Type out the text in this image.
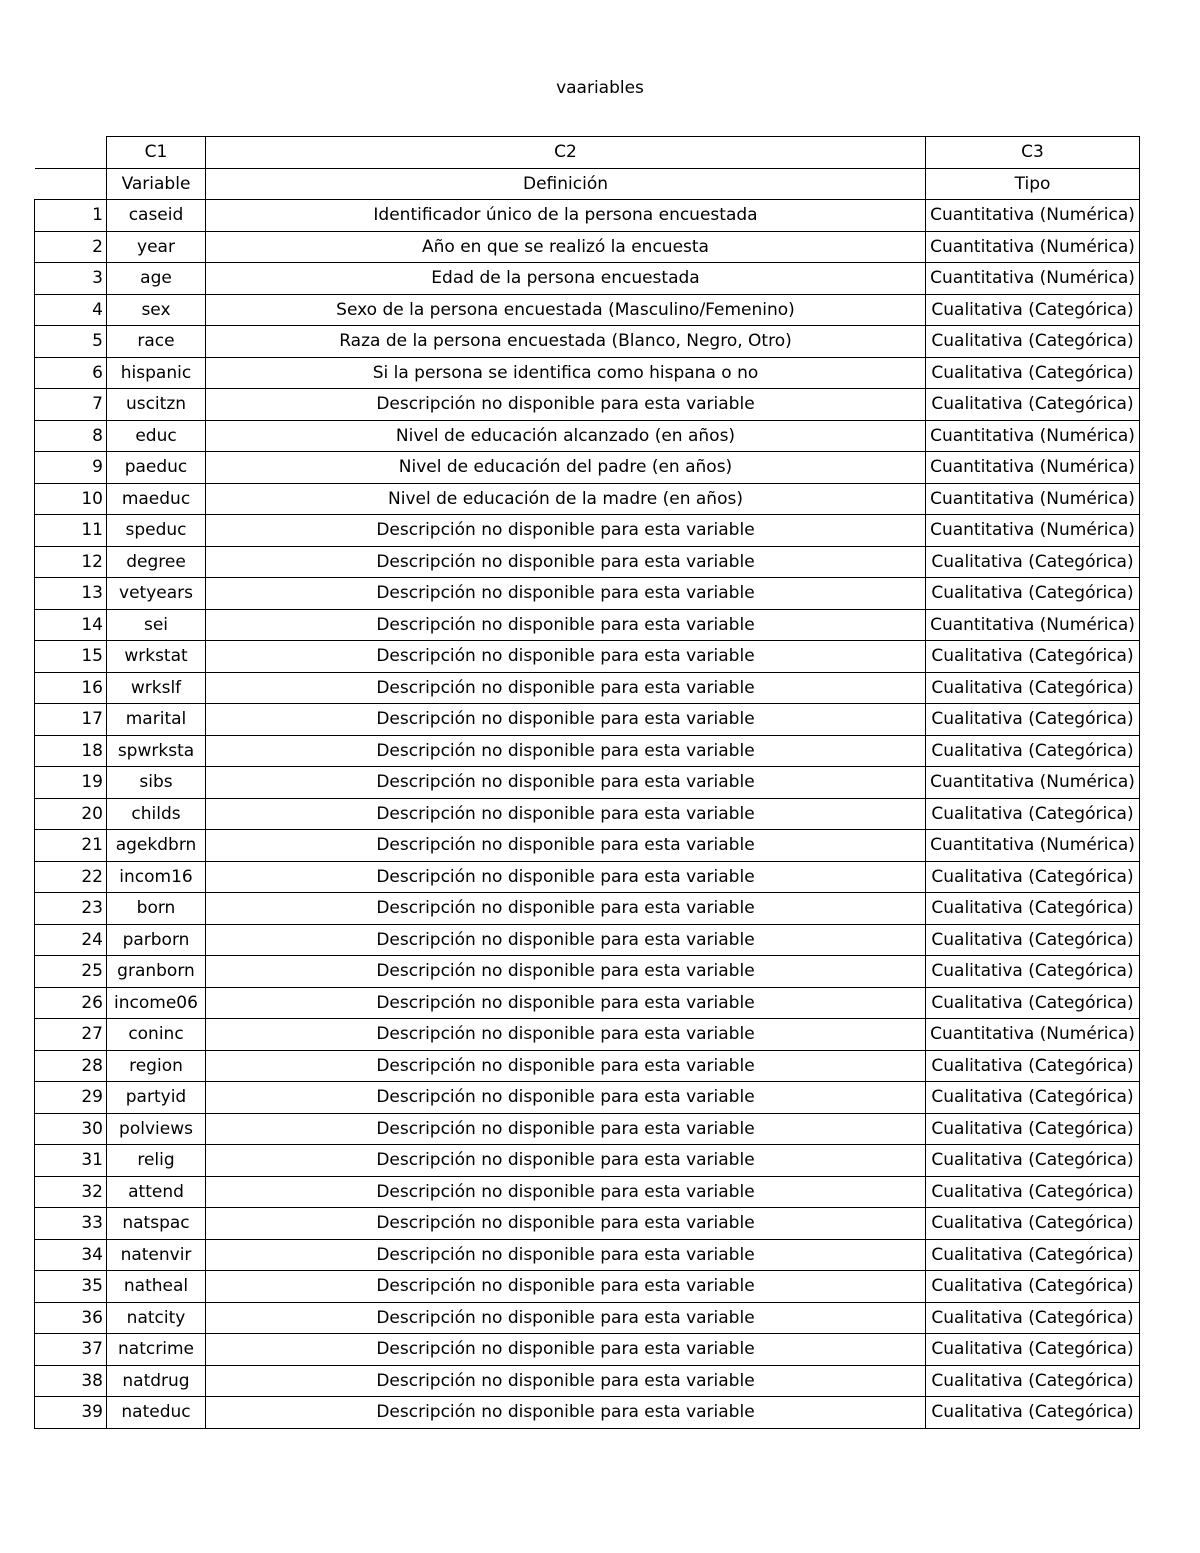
vaariables
	C1	C2	C3
	Variable	Definición	Tipo
1	caseid	Identificador único de la persona encuestada	Cuantitativa (Numérica)
2	year	Año en que se realizó la encuesta	Cuantitativa (Numérica)
3	age	Edad de la persona encuestada	Cuantitativa (Numérica)
4	sex	Sexo de la persona encuestada (Masculino/Femenino)	Cualitativa (Categórica)
5	race	Raza de la persona encuestada (Blanco, Negro, Otro)	Cualitativa (Categórica)
6	hispanic	Si la persona se identifica como hispana o no	Cualitativa (Categórica)
7	uscitzn	Descripción no disponible para esta variable	Cualitativa (Categórica)
8	educ	Nivel de educación alcanzado (en años)	Cuantitativa (Numérica)
9	paeduc	Nivel de educación del padre (en años)	Cuantitativa (Numérica)
10	maeduc	Nivel de educación de la madre (en años)	Cuantitativa (Numérica)
11	speduc	Descripción no disponible para esta variable	Cuantitativa (Numérica)
12	degree	Descripción no disponible para esta variable	Cualitativa (Categórica)
13	vetyears	Descripción no disponible para esta variable	Cualitativa (Categórica)
14	sei	Descripción no disponible para esta variable	Cuantitativa (Numérica)
15	wrkstat	Descripción no disponible para esta variable	Cualitativa (Categórica)
16	wrkslf	Descripción no disponible para esta variable	Cualitativa (Categórica)
17	marital	Descripción no disponible para esta variable	Cualitativa (Categórica)
18	spwrksta	Descripción no disponible para esta variable	Cualitativa (Categórica)
19	sibs	Descripción no disponible para esta variable	Cuantitativa (Numérica)
20	childs	Descripción no disponible para esta variable	Cualitativa (Categórica)
21	agekdbrn	Descripción no disponible para esta variable	Cuantitativa (Numérica)
22	incom16	Descripción no disponible para esta variable	Cualitativa (Categórica)
23	born	Descripción no disponible para esta variable	Cualitativa (Categórica)
24	parborn	Descripción no disponible para esta variable	Cualitativa (Categórica)
25	granborn	Descripción no disponible para esta variable	Cualitativa (Categórica)
26	income06	Descripción no disponible para esta variable	Cualitativa (Categórica)
27	coninc	Descripción no disponible para esta variable	Cuantitativa (Numérica)
28	region	Descripción no disponible para esta variable	Cualitativa (Categórica)
29	partyid	Descripción no disponible para esta variable	Cualitativa (Categórica)
30	polviews	Descripción no disponible para esta variable	Cualitativa (Categórica)
31	relig	Descripción no disponible para esta variable	Cualitativa (Categórica)
32	attend	Descripción no disponible para esta variable	Cualitativa (Categórica)
33	natspac	Descripción no disponible para esta variable	Cualitativa (Categórica)
34	natenvir	Descripción no disponible para esta variable	Cualitativa (Categórica)
35	natheal	Descripción no disponible para esta variable	Cualitativa (Categórica)
36	natcity	Descripción no disponible para esta variable	Cualitativa (Categórica)
37	natcrime	Descripción no disponible para esta variable	Cualitativa (Categórica)
38	natdrug	Descripción no disponible para esta variable	Cualitativa (Categórica)
39	nateduc	Descripción no disponible para esta variable	Cualitativa (Categórica)
